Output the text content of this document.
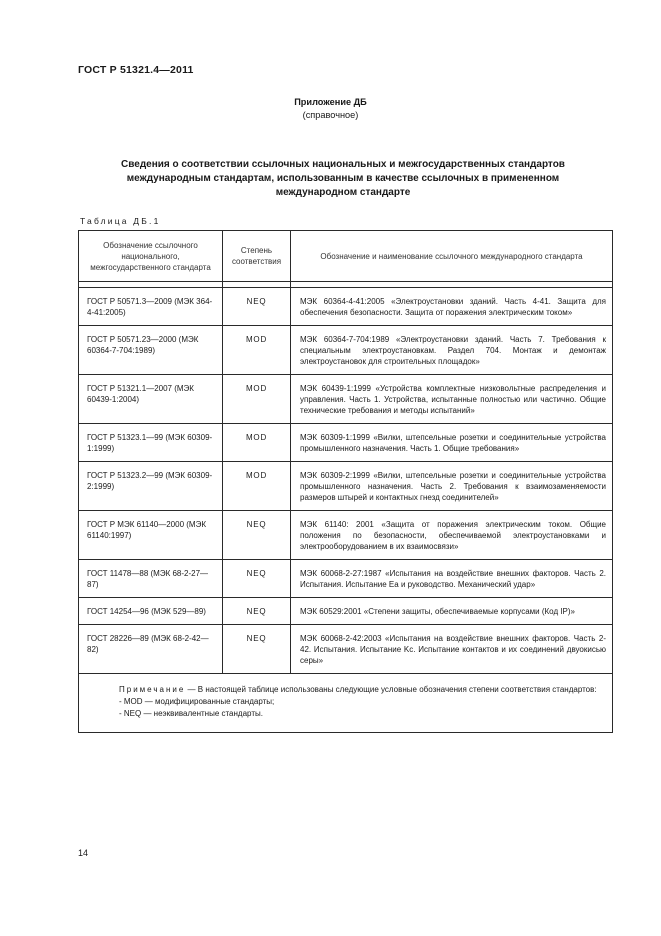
ГОСТ Р 51321.4—2011
Приложение ДБ
(справочное)
Сведения о соответствии ссылочных национальных и межгосударственных стандартов международным стандартам, использованным в качестве ссылочных в примененном международном стандарте
Таблица ДБ.1
Обозначение ссылочного национального, межгосударственного стандарта	Степень соответствия	Обозначение и наименование ссылочного международного стандарта

ГОСТ Р 50571.3—2009 (МЭК 364-4-41:2005)	NEQ	МЭК 60364-4-41:2005 «Электроустановки зданий. Часть 4-41. Защита для обеспечения безопасности. Защита от поражения электрическим током»
ГОСТ Р 50571.23—2000 (МЭК 60364-7-704:1989)	MOD	МЭК 60364-7-704:1989 «Электроустановки зданий. Часть 7. Требования к специальным электроустановкам. Раздел 704. Монтаж и демонтаж электроустановок для строительных площадок»
ГОСТ Р 51321.1—2007 (МЭК 60439-1:2004)	MOD	МЭК 60439-1:1999 «Устройства комплектные низковольтные распределения и управления. Часть 1. Устройства, испытанные полностью или частично. Общие технические требования и методы испытаний»
ГОСТ Р 51323.1—99 (МЭК 60309-1:1999)	MOD	МЭК 60309-1:1999 «Вилки, штепсельные розетки и соединительные устройства промышленного назначения. Часть 1. Общие требования»
ГОСТ Р 51323.2—99 (МЭК 60309-2:1999)	MOD	МЭК 60309-2:1999 «Вилки, штепсельные розетки и соединительные устройства промышленного назначения. Часть 2. Требования к взаимозаменяемости размеров штырей и контактных гнезд соединителей»
ГОСТ Р МЭК 61140—2000 (МЭК 61140:1997)	NEQ	МЭК 61140: 2001 «Защита от поражения электрическим током. Общие положения по безопасности, обеспечиваемой электроустановками и электрооборудованием в их взаимосвязи»
ГОСТ 11478—88 (МЭК 68-2-27—87)	NEQ	МЭК 60068-2-27:1987 «Испытания на воздействие внешних факторов. Часть 2. Испытания. Испытание Ea и руководство. Механический удар»
ГОСТ 14254—96 (МЭК 529—89)	NEQ	МЭК 60529:2001 «Степени защиты, обеспечиваемые корпусами (Код IP)»
ГОСТ 28226—89 (МЭК 68-2-42—82)	NEQ	МЭК 60068-2-42:2003 «Испытания на воздействие внешних факторов. Часть 2-42. Испытания. Испытание Kc. Испытание контактов и их соединений двуокисью серы»

Примечание — В настоящей таблице использованы следующие условные обозначения степени соответствия стандартов:
- MOD — модифицированные стандарты;
- NEQ — неэквивалентные стандарты.		
14
